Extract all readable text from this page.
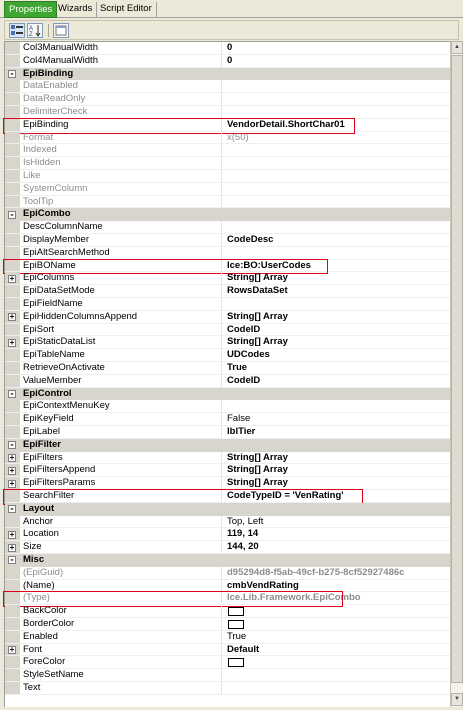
Properties Wizards Script Editor
A
Z
Col3ManualWidth	0
Col4ManualWidth	0
- EpiBinding
DataEnabled
DataReadOnly
DelimiterCheck
EpiBinding	VendorDetail.ShortChar01
Format	x(50)
Indexed
IsHidden
Like
SystemColumn
ToolTip
- EpiCombo
DescColumnName
DisplayMember	CodeDesc
EpiAltSearchMethod
EpiBOName	Ice:BO:UserCodes
+ EpiColumns	String[] Array
EpiDataSetMode	RowsDataSet
EpiFieldName
+ EpiHiddenColumnsAppend	String[] Array
EpiSort	CodeID
+ EpiStaticDataList	String[] Array
EpiTableName	UDCodes
RetrieveOnActivate	True
ValueMember	CodeID
- EpiControl
EpiContextMenuKey
EpiKeyField	False
EpiLabel	lblTier
- EpiFilter
+ EpiFilters	String[] Array
+ EpiFiltersAppend	String[] Array
+ EpiFiltersParams	String[] Array
SearchFilter	CodeTypeID = 'VenRating'
- Layout
Anchor	Top, Left
+ Location	119, 14
+ Size	144, 20
- Misc
(EpiGuid)	d95294d8-f5ab-49cf-b275-8cf52927486c
(Name)	cmbVendRating
(Type)	Ice.Lib.Framework.EpiCombo
BackColor
BorderColor
Enabled	True
+ Font	Default
ForeColor
StyleSetName
Text
▲
▼
